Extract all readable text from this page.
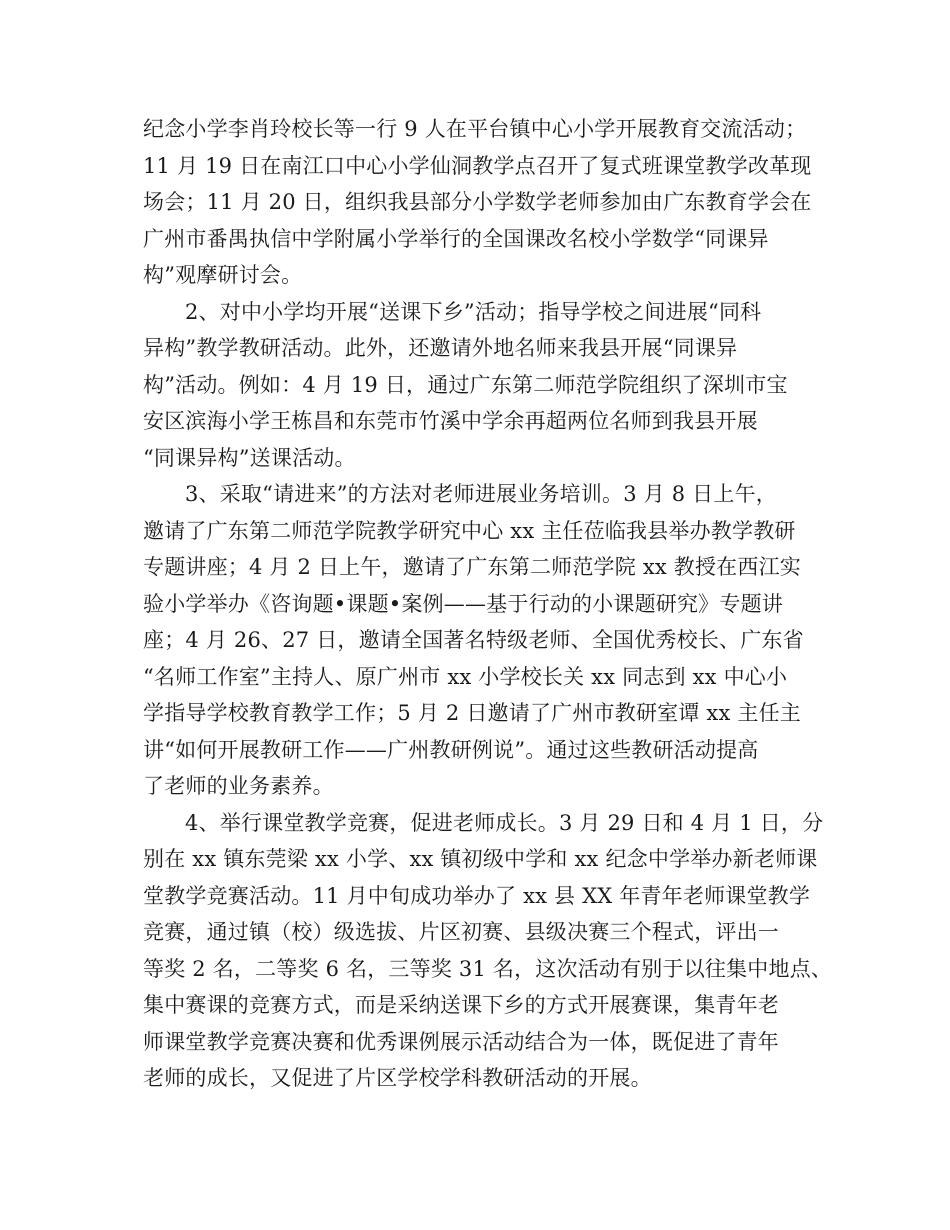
纪念小学李肖玲校长等一行 9 人在平台镇中心小学开展教育交流活动；
11 月 19 日在南江口中心小学仙洞教学点召开了复式班课堂教学改革现
场会；11 月 20 日，组织我县部分小学数学老师参加由广东教育学会在
广州市番禺执信中学附属小学举行的全国课改名校小学数学“同课异
构”观摩研讨会。
2、对中小学均开展“送课下乡”活动；指导学校之间进展“同科
异构”教学教研活动。此外，还邀请外地名师来我县开展“同课异
构”活动。例如：4 月 19 日，通过广东第二师范学院组织了深圳市宝
安区滨海小学王栋昌和东莞市竹溪中学余再超两位名师到我县开展
“同课异构”送课活动。
3、采取“请进来”的方法对老师进展业务培训。3 月 8 日上午，
邀请了广东第二师范学院教学研究中心 xx 主任莅临我县举办教学教研
专题讲座；4 月 2 日上午，邀请了广东第二师范学院 xx 教授在西江实
验小学举办《咨询题•课题•案例——基于行动的小课题研究》专题讲
座；4 月 26、27 日，邀请全国著名特级老师、全国优秀校长、广东省
“名师工作室”主持人、原广州市 xx 小学校长关 xx 同志到 xx 中心小
学指导学校教育教学工作；5 月 2 日邀请了广州市教研室谭 xx 主任主
讲“如何开展教研工作——广州教研例说”。通过这些教研活动提高
了老师的业务素养。
4、举行课堂教学竞赛，促进老师成长。3 月 29 日和 4 月 1 日，分
别在 xx 镇东莞梁 xx 小学、xx 镇初级中学和 xx 纪念中学举办新老师课
堂教学竞赛活动。11 月中旬成功举办了 xx 县 XX 年青年老师课堂教学
竞赛，通过镇（校）级选拔、片区初赛、县级决赛三个程式，评出一
等奖 2 名，二等奖 6 名，三等奖 31 名，这次活动有别于以往集中地点、
集中赛课的竞赛方式，而是采纳送课下乡的方式开展赛课，集青年老
师课堂教学竞赛决赛和优秀课例展示活动结合为一体，既促进了青年
老师的成长，又促进了片区学校学科教研活动的开展。
